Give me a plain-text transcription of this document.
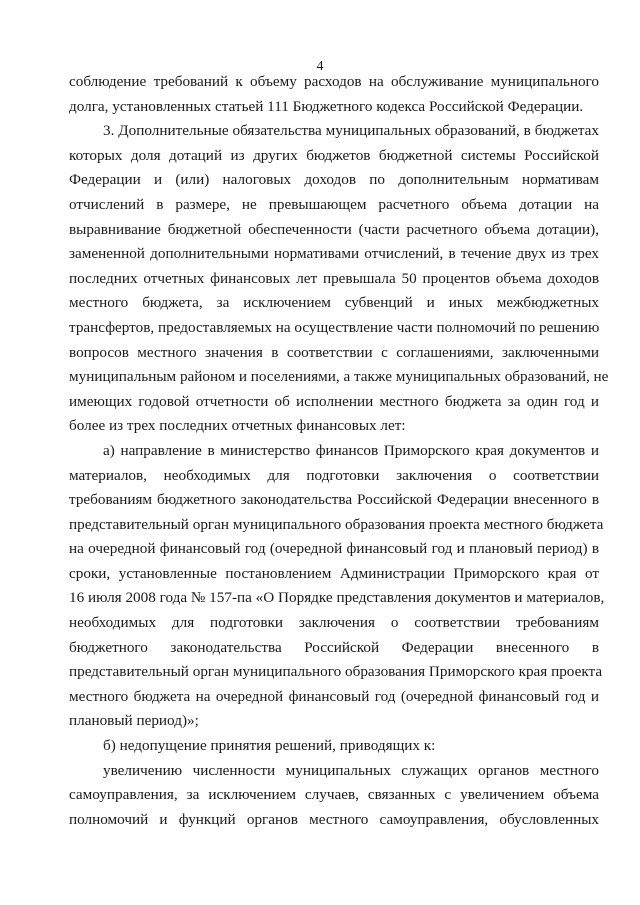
4
соблюдение требований к объему расходов на обслуживание муниципального
долга, установленных статьей 111 Бюджетного кодекса Российской Федерации.
3. Дополнительные обязательства муниципальных образований, в бюджетах
которых доля дотаций из других бюджетов бюджетной системы Российской
Федерации и (или) налоговых доходов по дополнительным нормативам
отчислений в размере, не превышающем расчетного объема дотации на
выравнивание бюджетной обеспеченности (части расчетного объема дотации),
замененной дополнительными нормативами отчислений, в течение двух из трех
последних отчетных финансовых лет превышала 50 процентов объема доходов
местного бюджета, за исключением субвенций и иных межбюджетных
трансфертов, предоставляемых на осуществление части полномочий по решению
вопросов местного значения в соответствии с соглашениями, заключенными
муниципальным районом и поселениями, а также муниципальных образований, не
имеющих годовой отчетности об исполнении местного бюджета за один год и
более из трех последних отчетных финансовых лет:
а) направление в министерство финансов Приморского края документов и
материалов, необходимых для подготовки заключения о соответствии
требованиям бюджетного законодательства Российской Федерации внесенного в
представительный орган муниципального образования проекта местного бюджета
на очередной финансовый год (очередной финансовый год и плановый период) в
сроки, установленные постановлением Администрации Приморского края от
16 июля 2008 года № 157-па «О Порядке представления документов и материалов,
необходимых для подготовки заключения о соответствии требованиям
бюджетного законодательства Российской Федерации внесенного в
представительный орган муниципального образования Приморского края проекта
местного бюджета на очередной финансовый год (очередной финансовый год и
плановый период)»;
б) недопущение принятия решений, приводящих к:
увеличению численности муниципальных служащих органов местного
самоуправления, за исключением случаев, связанных с увеличением объема
полномочий и функций органов местного самоуправления, обусловленных
